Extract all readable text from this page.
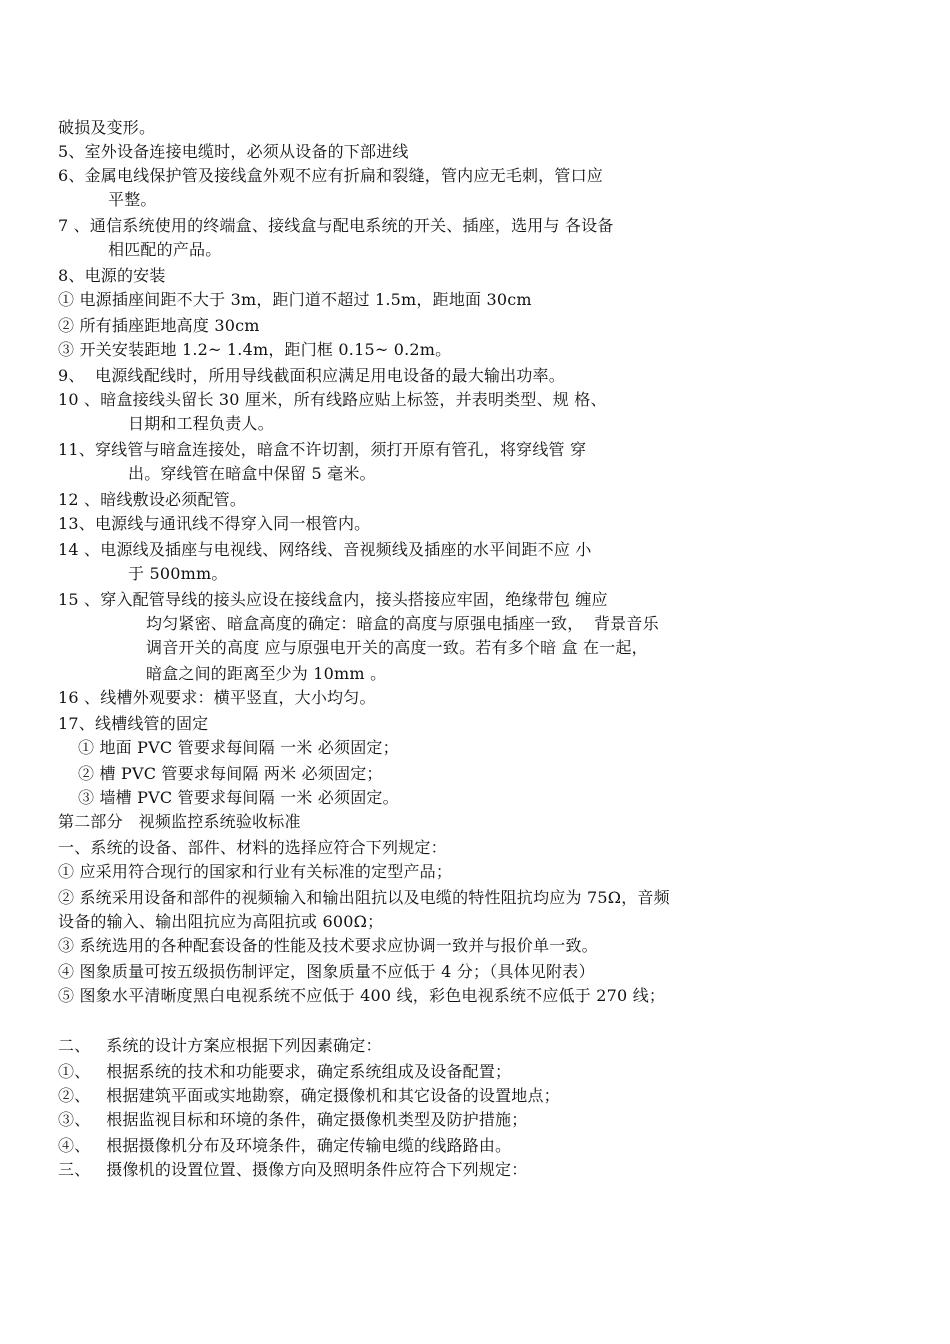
破损及变形。
5、室外设备连接电缆时，必须从设备的下部进线
6、金属电线保护管及接线盒外观不应有折扁和裂缝，管内应无毛刺，管口应
平整。
7 、通信系统使用的终端盒、接线盒与配电系统的开关、插座，选用与 各设备
相匹配的产品。
8、电源的安装
① 电源插座间距不大于 3m，距门道不超过 1.5m，距地面 30cm
② 所有插座距地高度 30cm
③ 开关安装距地 1.2~ 1.4m，距门框 0.15~ 0.2m。
9、  电源线配线时，所用导线截面积应满足用电设备的最大输出功率。
10 、暗盒接线头留长 30 厘米，所有线路应贴上标签，并表明类型、规 格、
日期和工程负责人。
11、穿线管与暗盒连接处，暗盒不许切割，须打开原有管孔，将穿线管 穿
出。穿线管在暗盒中保留 5 毫米。
12 、暗线敷设必须配管。
13、电源线与通讯线不得穿入同一根管内。
14 、电源线及插座与电视线、网络线、音视频线及插座的水平间距不应 小
于 500mm。
15 、穿入配管导线的接头应设在接线盒内，接头搭接应牢固，绝缘带包 缠应
均匀紧密、暗盒高度的确定：暗盒的高度与原强电插座一致，  背景音乐
调音开关的高度 应与原强电开关的高度一致。若有多个暗 盒 在一起，
暗盒之间的距离至少为 10mm 。
16 、线槽外观要求：横平竖直，大小均匀。
17、线槽线管的固定
① 地面 PVC 管要求每间隔 一米 必须固定；
② 槽 PVC 管要求每间隔 两米 必须固定；
③ 墙槽 PVC 管要求每间隔 一米 必须固定。
第二部分   视频监控系统验收标准
一、系统的设备、部件、材料的选择应符合下列规定：
① 应采用符合现行的国家和行业有关标准的定型产品；
② 系统采用设备和部件的视频输入和输出阻抗以及电缆的特性阻抗均应为 75Ω，音频
设备的输入、输出阻抗应为高阻抗或 600Ω；
③ 系统选用的各种配套设备的性能及技术要求应协调一致并与报价单一致。
④ 图象质量可按五级损伤制评定，图象质量不应低于 4 分；（具体见附表）
⑤ 图象水平清晰度黑白电视系统不应低于 400 线，彩色电视系统不应低于 270 线；
二、   系统的设计方案应根据下列因素确定：
①、   根据系统的技术和功能要求，确定系统组成及设备配置；
②、   根据建筑平面或实地勘察，确定摄像机和其它设备的设置地点；
③、   根据监视目标和环境的条件，确定摄像机类型及防护措施；
④、   根据摄像机分布及环境条件，确定传输电缆的线路路由。
三、   摄像机的设置位置、摄像方向及照明条件应符合下列规定：
